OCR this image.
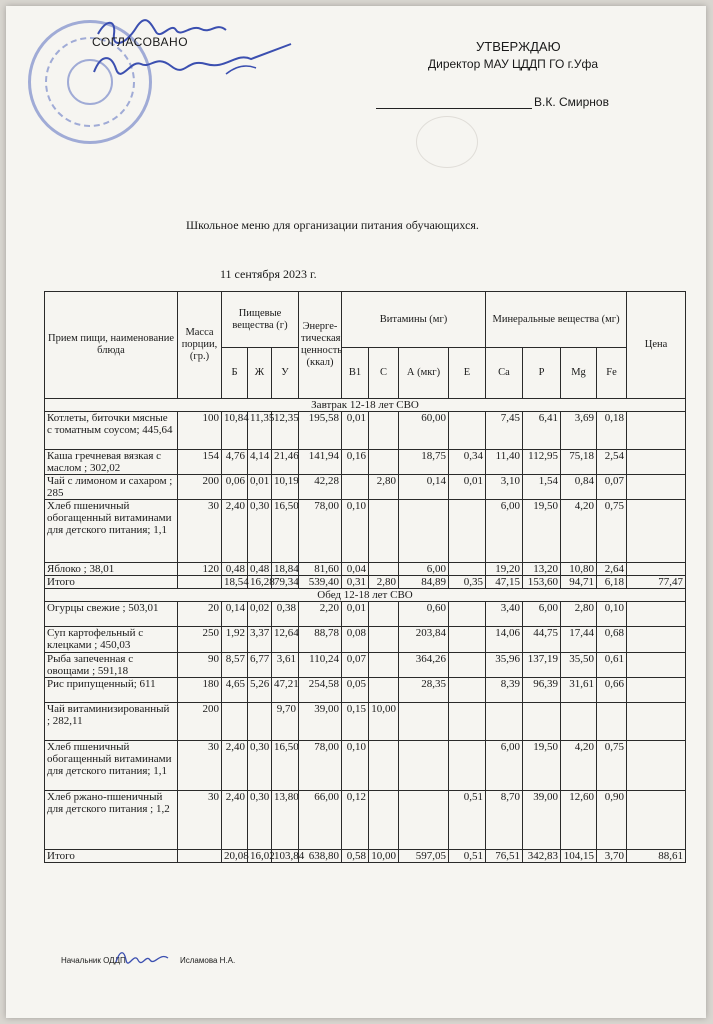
СОГЛАСОВАНО	УТВЕРЖДАЮ
Директор МАУ ЦДДП ГО г.Уфа
В.К. Смирнов
Школьное меню для организации питания обучающихся.
11 сентября 2023 г.
Прием пищи, наименование блюда	Масса порции, (гр.)	Пищевые вещества (г)			Энерге-тическая ценность (ккал)	Витамины (мг)				Минеральные вещества (мг)				Цена
		Б	Ж	У		B1	C	А (мкг)	E	Ca	P	Mg	Fe	
Завтрак 12-18 лет СВО														
Котлеты, биточки мясные с томатным соусом; 445,64	100	10,84	11,35	12,35	195,58	0,01		60,00		7,45	6,41	3,69	0,18	
Каша гречневая вязкая с маслом ; 302,02	154	4,76	4,14	21,46	141,94	0,16		18,75	0,34	11,40	112,95	75,18	2,54	
Чай с лимоном и сахаром ; 285	200	0,06	0,01	10,19	42,28		2,80	0,14	0,01	3,10	1,54	0,84	0,07	
Хлеб пшеничный обогащенный витаминами для детского питания; 1,1	30	2,40	0,30	16,50	78,00	0,10				6,00	19,50	4,20	0,75	
Яблоко ; 38,01	120	0,48	0,48	18,84	81,60	0,04		6,00		19,20	13,20	10,80	2,64	
Итого		18,54	16,28	79,34	539,40	0,31	2,80	84,89	0,35	47,15	153,60	94,71	6,18	77,47
Обед 12-18 лет СВО														
Огурцы свежие ; 503,01	20	0,14	0,02	0,38	2,20	0,01		0,60		3,40	6,00	2,80	0,10	
Суп картофельный с клецками ; 450,03	250	1,92	3,37	12,64	88,78	0,08		203,84		14,06	44,75	17,44	0,68	
Рыба запеченная с овощами ; 591,18	90	8,57	6,77	3,61	110,24	0,07		364,26		35,96	137,19	35,50	0,61	
Рис припущенный; 611	180	4,65	5,26	47,21	254,58	0,05		28,35		8,39	96,39	31,61	0,66	
Чай витаминизированный ; 282,11	200			9,70	39,00	0,15	10,00							
Хлеб пшеничный обогащенный витаминами для детского питания; 1,1	30	2,40	0,30	16,50	78,00	0,10				6,00	19,50	4,20	0,75	
Хлеб ржано-пшеничный для детского питания ; 1,2	30	2,40	0,30	13,80	66,00	0,12			0,51	8,70	39,00	12,60	0,90	
Итого		20,08	16,02	103,84	638,80	0,58	10,00	597,05	0,51	76,51	342,83	104,15	3,70	88,61
Начальник ОДДП	Исламова Н.А.
